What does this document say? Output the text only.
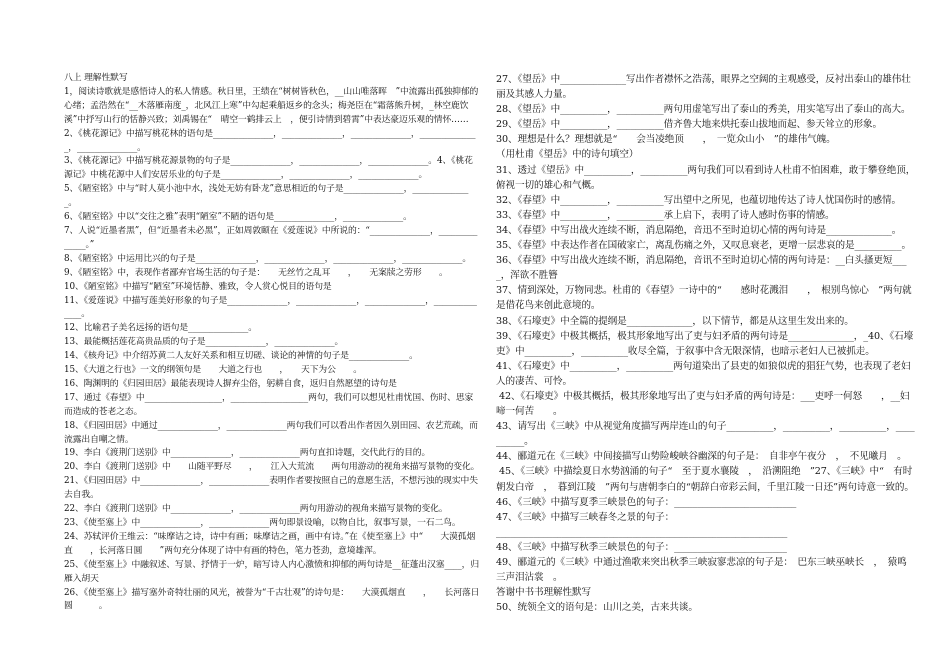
八上 理解性默写
1，阅读诗歌就是感悟诗人的私人情感。秋日里，王绩在“树树皆秋色，__山山唯落晖　”中流露出孤独抑郁的心绪；孟浩然在“__木落雁南度_，北风江上寒”中勾起乘船返乡的念头；梅尧臣在“霜落熊升树，_林空鹿饮溪”中抒写山行的恬静兴致；刘禹锡在“　晴空一鹤排云上　，便引诗情到碧霄”中表达豪迈乐观的情怀……
2、《桃花源记》中描写桃花林的语句是______________，______________，______________，______________，______________。
3、《桃花源记》中描写桃花源景物的句子是______________，______________，______________。4、《桃花源记》中桃花源中人们安居乐业的句子是______________，______________，______________。
5、《陋室铭》中与“时人莫小池中水，浅处无妨有卧龙”意思相近的句子是______________，______________。
6、《陋室铭》中以“交往之雅”表明“陋室”不陋的语句是______________，______________。
7、人说“近墨者黑”，但“近墨者未必黑”，正如周敦颐在《爱莲说》中所说的：“______________，______________。”
8、《陋室铭》中运用比兴的句子是______________，______________，______________，______________。
9、《陋室铭》中，表现作者鄙弃官场生活的句子是：　　无丝竹之乱耳　　，　　无案牍之劳形　　。
10、《陋室铭》中描写“陋室”环境恬静、雅致，令人赏心悦目的语句是
11、《爱莲说》中描写莲美好形象的句子是______________，______________，______________，______________。
12、比喻君子美名远扬的语句是______________。
13、最能概括莲花高贵品质的句子是______________，______________。
14、《核舟记》中介绍苏黄二人友好关系和相互切磋、谈论的神情的句子是______________。
15、《大道之行也》一文的纲领句是　　大道之行也　　，　　天下为公　　。
16、陶渊明的《归园田居》最能表现诗人摒弃尘俗，躬耕自食，返归自然愿望的诗句是
17、通过《春望》中__________________，__________________两句，我们可以想见杜甫忧国、伤时、思家而造成的苍老之态。
18、《归园田居》中通过______________，______________两句我们可以看出作者因久别田园、农艺荒疏，而流露出自嘲之情。
19、李白《渡荆门送别》中______________，______________两句直扣诗题，交代此行的目的。
20、李白《渡荆门送别》中　　山随平野尽　　，　　江入大荒流　　两句用游动的视角来描写景物的变化。
21、《归园田居》中______________，______________表明作者要按照自己的意愿生活，不想污浊的现实中失去自我。
22、李白《渡荆门送别》中______________，______________两句用游动的视角来描写景物的变化。
23、《使至塞上》中______________，______________两句即景设喻，以物自比，叙事写景，一石二鸟。
24、苏轼评价王维云：“味摩诘之诗，诗中有画；味摩诘之画，画中有诗。”在《使至塞上》中“　　大漠孤烟直　　，长河落日圆　　”两句充分体现了诗中有画的特色，笔力苍劲，意境雄浑。
25、《使至塞上》中融叙述、写景、抒情于一炉，暗写诗人内心激愤和抑郁的两句诗是__征蓬出汉塞____，归雁入胡天
26、《使至塞上》描写塞外奇特壮丽的风光，被誉为“千古壮观”的诗句是：　　大漠孤烟直　　，　　长河落日圆　　　。
27、《望岳》中______________写出作者襟怀之浩荡，眼界之空阔的主观感受，反衬出泰山的雄伟壮丽及其感人力量。
28、《望岳》中__________，__________两句用虚笔写出了泰山的秀美，用实笔写出了泰山的高大。
29、《望岳》中__________，__________借齐鲁大地来烘托泰山拔地而起、参天耸立的形象。
30、理想是什么？理想就是“　　会当凌绝顶　　，　一览众山小　”的雄伟气魄。
（用杜甫《望岳》中的诗句填空）
31、透过《望岳》中__________，__________两句我们可以看到诗人杜甫不怕困难，敢于攀登绝顶，俯视一切的雄心和气概。
32、《春望》中__________，__________写出望中之所见，也蕴切地传达了诗人忧国伤时的感情。
33、《春望》中__________，__________承上启下，表明了诗人感时伤事的情感。
34、《春望》中写出战火连续不断，消息隔绝，音迅不至时迫切心情的两句诗是______________。
35、《春望》中表达作者在国破家亡，离乱伤痛之外，又叹息衰老，更增一层悲哀的是__________。
36、《春望》中写出战火连续不断，消息隔绝，音讯不至时迫切心情的两句诗是：__白头搔更短____，浑欲不胜簪
37、情到深处，万物同悲。杜甫的《春望》一诗中的“　　感时花溅泪　　，　根别鸟惊心　”两句就是借花鸟来创此意境的。
38、《石壕吏》中全篇的提纲是______________，以下情节，都是从这里生发出来的。
39、《石壕吏》中极其概括，极其形象地写出了吏与妇矛盾的两句诗是______________，_40、《石壕吏》中__________，__________收尽全篇，于叙事中含无限深情，也暗示老妇人已被抓走。
41、《石壕吏》中__________，__________两句道染出了县吏的如狼似虎的猖狂气势，也表现了老妇人的凄苦、可怜。
42、《石壕吏》中极其概括，极其形象地写出了吏与妇矛盾的两句诗是：___吏呼一何怒　　，__妇啼一何苦　　。
43、请写出《三峡》中从视觉角度描写两岸连山的句子__________，__________，__________，__________。
44、郦道元在《三峡》中间接描写山势险峻峡谷幽深的句子是：　自非亭午夜分　，　不见曦月　。
45、《三峡》中描绘夏日水势汹涌的句子“　至于夏水襄陵　，　沿溯阻绝　”27、《三峡》中“　有时朝发白帝　，　暮到江陵　”两句与唐朝李白的“朝辞白帝彩云间，千里江陵一日还”两句诗意一致的。
46、《三峡》中描写夏季三峡景色的句子：__________________________
47、《三峡》中描写三峡春冬之景的句子：
______________________________________________________________
48、《三峡》中描写秋季三峡景色的句子：________________________
49、郦道元的《三峡》中通过渔歌来突出秋季三峡寂寥悲凉的句子是：　巴东三峡巫峡长　，　猿鸣三声泪沾裳　。
答谢中书书理解性默写
50、统领全文的语句是：山川之美，古来共谈。
